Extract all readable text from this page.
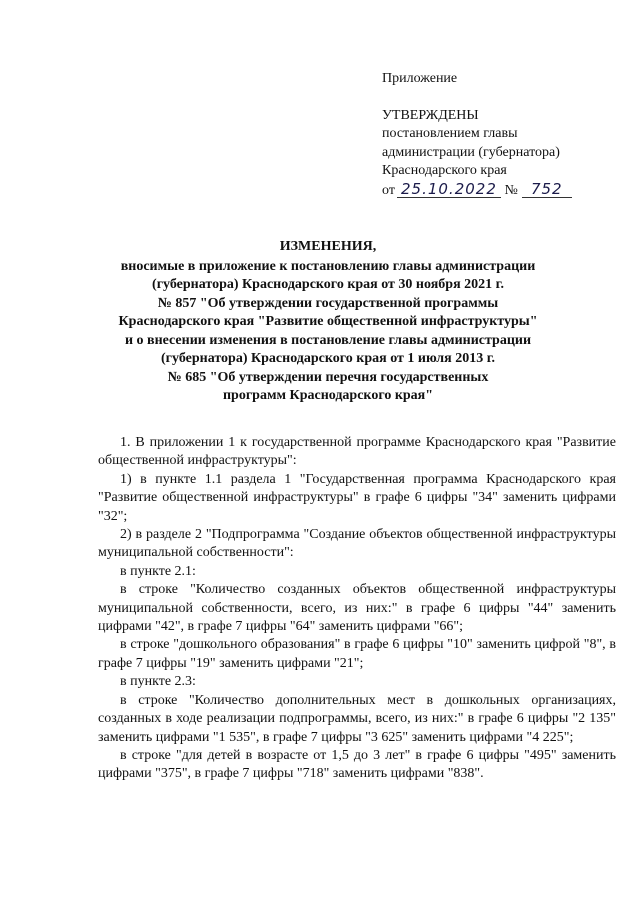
Приложение
УТВЕРЖДЕНЫ
постановлением главы
администрации (губернатора)
Краснодарского края
от 25.10.2022 № 752
ИЗМЕНЕНИЯ,
вносимые в приложение к постановлению главы администрации
(губернатора) Краснодарского края от 30 ноября 2021 г.
№ 857 "Об утверждении государственной программы
Краснодарского края "Развитие общественной инфраструктуры"
и о внесении изменения в постановление главы администрации
(губернатора) Краснодарского края от 1 июля 2013 г.
№ 685 "Об утверждении перечня государственных
программ Краснодарского края"

1. В приложении 1 к государственной программе Краснодарского края "Развитие общественной инфраструктуры":

1) в пункте 1.1 раздела 1 "Государственная программа Краснодарского края "Развитие общественной инфраструктуры" в графе 6 цифры "34" заменить цифрами "32";

2) в разделе 2 "Подпрограмма "Создание объектов общественной инфраструктуры муниципальной собственности":

в пункте 2.1:

в строке "Количество созданных объектов общественной инфраструктуры муниципальной собственности, всего, из них:" в графе 6 цифры "44" заменить цифрами "42", в графе 7 цифры "64" заменить цифрами "66";

в строке "дошкольного образования" в графе 6 цифры "10" заменить цифрой "8", в графе 7 цифры "19" заменить цифрами "21";

в пункте 2.3:

в строке "Количество дополнительных мест в дошкольных организациях, созданных в ходе реализации подпрограммы, всего, из них:" в графе 6 цифры "2 135" заменить цифрами "1 535", в графе 7 цифры "3 625" заменить цифрами "4 225";

в строке "для детей в возрасте от 1,5 до 3 лет" в графе 6 цифры "495" заменить цифрами "375", в графе 7 цифры "718" заменить цифрами "838".
